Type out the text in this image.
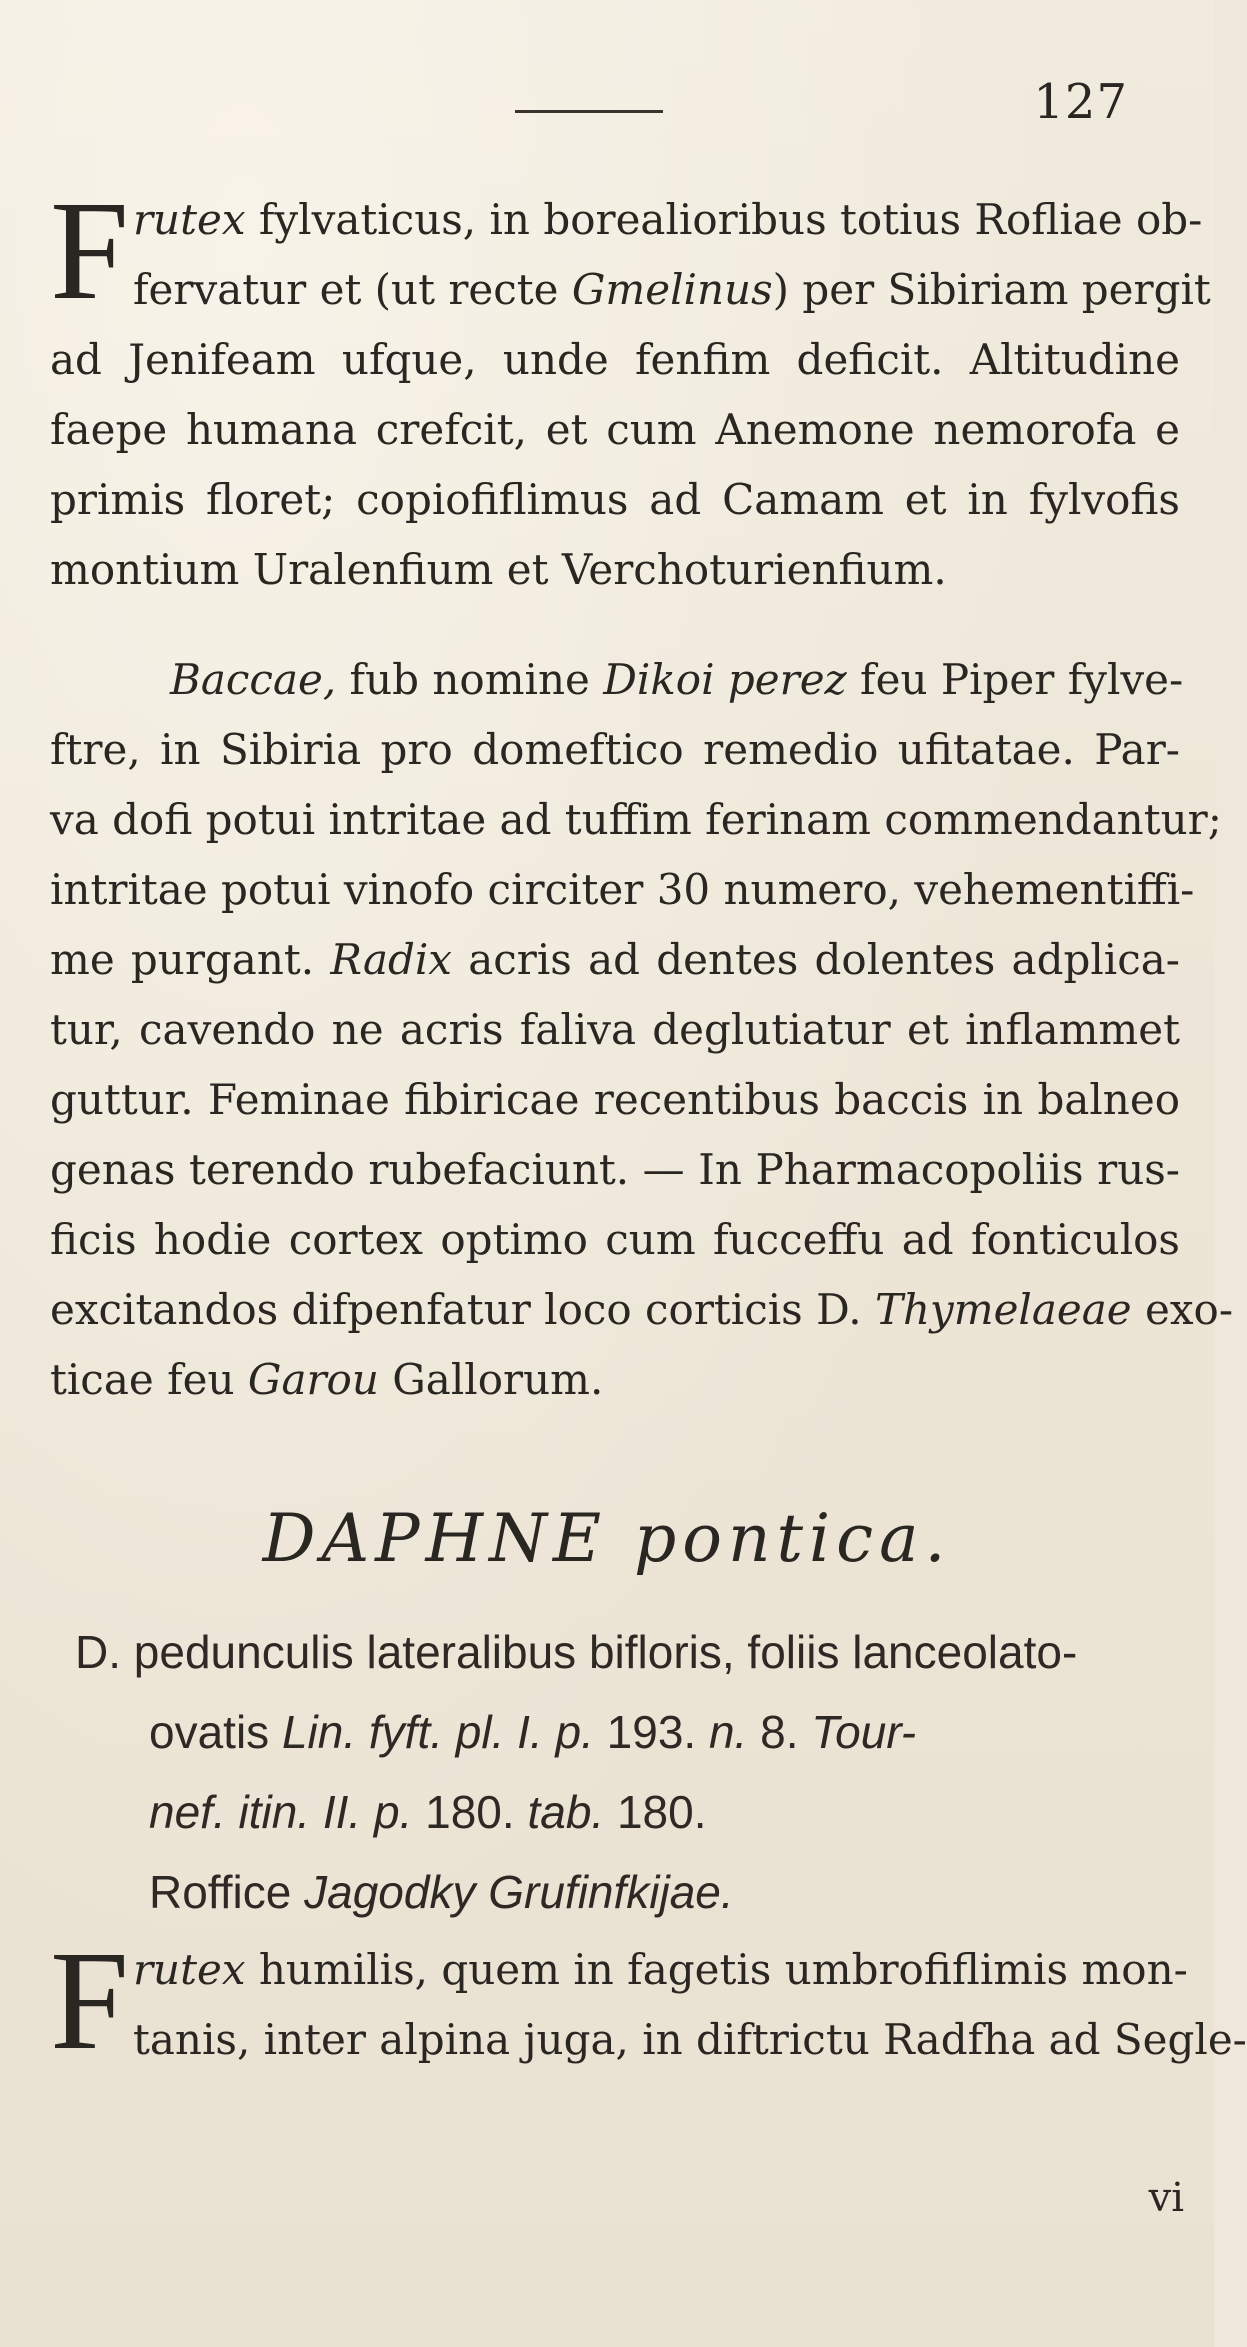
127
F rutex fylvaticus, in borealioribus totius Rofliae ob-
fervatur et (ut recte Gmelinus) per Sibiriam pergit
ad Jenifeam ufque, unde fenfim deficit. Altitudine
faepe humana crefcit, et cum Anemone nemorofa e
primis floret; copiofiflimus ad Camam et in fylvofis
montium Uralenfium et Verchoturienfium.
Baccae, fub nomine Dikoi perez feu Piper fylve-
ftre, in Sibiria pro domeftico remedio ufitatae. Par-
va dofi potui intritae ad tuffim ferinam commendantur;
intritae potui vinofo circiter 30 numero, vehementiffi-
me purgant. Radix acris ad dentes dolentes adplica-
tur, cavendo ne acris faliva deglutiatur et inflammet
guttur. Feminae fibiricae recentibus baccis in balneo
genas terendo rubefaciunt. — In Pharmacopoliis rus-
ficis hodie cortex optimo cum fucceffu ad fonticulos
excitandos difpenfatur loco corticis D. Thymelaeae exo-
ticae feu Garou Gallorum.
DAPHNE pontica.
D. pedunculis lateralibus bifloris, foliis lanceolato-
ovatis Lin. fyft. pl. I. p. 193. n. 8. Tour-
nef. itin. II. p. 180. tab. 180.
Roffice Jagodky Grufinfkijae.
F rutex humilis, quem in fagetis umbrofiflimis mon-
tanis, inter alpina juga, in diftrictu Radfha ad Segle-
vi
